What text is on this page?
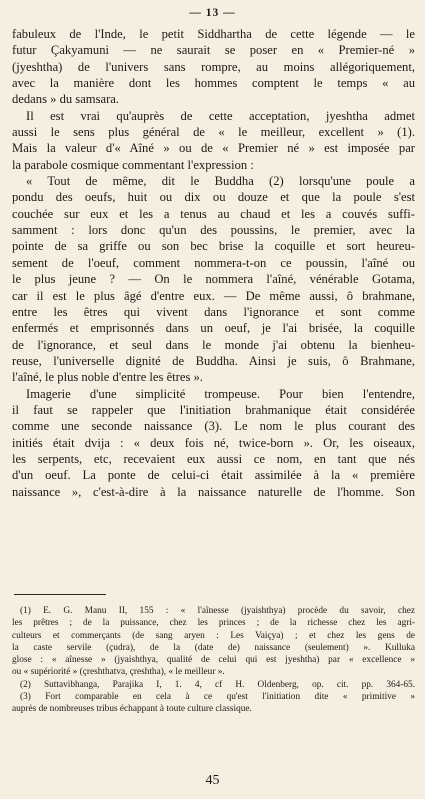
— 13 —
fabuleux de l'Inde, le petit Siddhartha de cette légende — le
futur Çakyamuni — ne saurait se poser en « Premier-né »
(jyeshtha) de l'univers sans rompre, au moins allégoriquement,
avec la manière dont les hommes comptent le temps « au
dedans » du samsara.
Il est vrai qu'auprès de cette acceptation, jyeshtha admet
aussi le sens plus général de « le meilleur, excellent » (1).
Mais la valeur d'« Aîné » ou de « Premier né » est imposée par
la parabole cosmique commentant l'expression :
« Tout de même, dit le Buddha (2) lorsqu'une poule a
pondu des oeufs, huit ou dix ou douze et que la poule s'est
couchée sur eux et les a tenus au chaud et les a couvés suffi-
samment : lors donc qu'un des poussins, le premier, avec la
pointe de sa griffe ou son bec brise la coquille et sort heureu-
sement de l'oeuf, comment nommera-t-on ce poussin, l'aîné ou
le plus jeune ? — On le nommera l'aîné, vénérable Gotama,
car il est le plus âgé d'entre eux. — De même aussi, ô brahmane,
entre les êtres qui vivent dans l'ignorance et sont comme
enfermés et emprisonnés dans un oeuf, je l'ai brisée, la coquille
de l'ignorance, et seul dans le monde j'ai obtenu la bienheu-
reuse, l'universelle dignité de Buddha. Ainsi je suis, ô Brahmane,
l'aîné, le plus noble d'entre les êtres ».
Imagerie d'une simplicité trompeuse. Pour bien l'entendre,
il faut se rappeler que l'initiation brahmanique était considérée
comme une seconde naissance (3). Le nom le plus courant des
initiés était dvija : « deux fois né, twice-born ». Or, les oiseaux,
les serpents, etc, recevaient eux aussi ce nom, en tant que nés
d'un oeuf. La ponte de celui-ci était assimilée à la « première
naissance », c'est-à-dire à la naissance naturelle de l'homme. Son
(1) E. G. Manu II, 155 : « l'aînesse (jyaishthya) procède du savoir, chez
les prêtres ; de la puissance, chez les princes ; de la richesse chez les agri-
culteurs et commerçants (de sang aryen : Les Vaiçya) ; et chez les gens de
la caste servile (çudra), de la (date de) naissance (seulement) ». Kulluka
glose : « aînesse » (jyaishthya, qualité de celui qui est jyeshtha) par « excellence »
ou « supériorité » (çreshthatva, çreshtha), « le meilleur ».
(2) Suttavibhanga, Parajika I, 1. 4, cf H. Oldenberg, op. cit. pp. 364-65.
(3) Fort comparable en cela à ce qu'est l'initiation dite « primitive »
auprès de nombreuses tribus échappant à toute culture classique.
45
